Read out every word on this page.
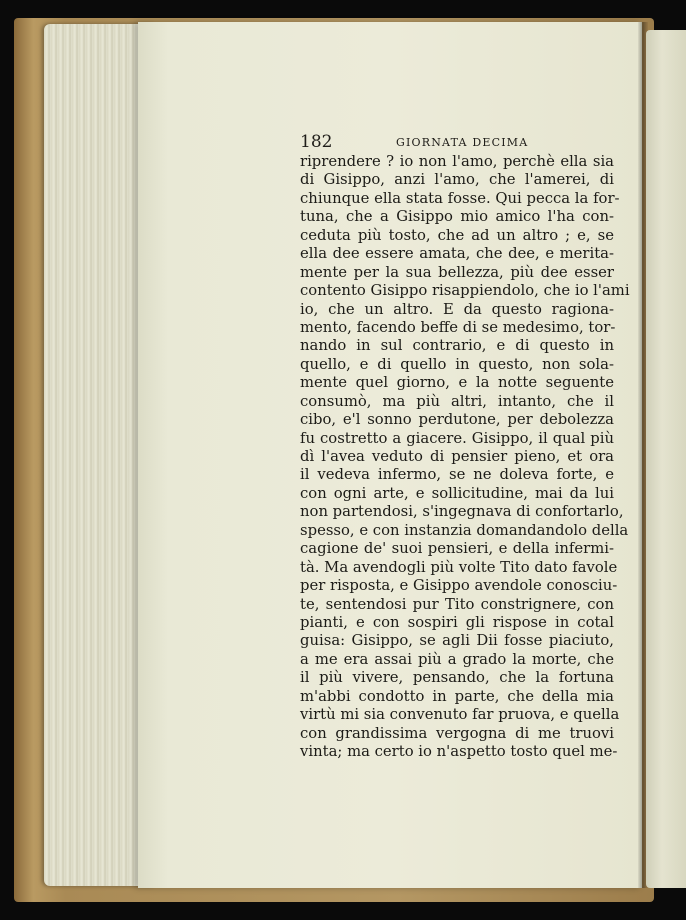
182	GIORNATA DECIMA
riprendere ? io non l'amo, perchè ella sia
di Gisippo, anzi l'amo, che l'amerei, di
chiunque ella stata fosse. Qui pecca la for-
tuna, che a Gisippo mio amico l'ha con-
ceduta più tosto, che ad un altro ; e, se
ella dee essere amata, che dee, e merita-
mente per la sua bellezza, più dee esser
contento Gisippo risappiendolo, che io l'ami
io, che un altro. E da questo ragiona-
mento, facendo beffe di se medesimo, tor-
nando in sul contrario, e di questo in
quello, e di quello in questo, non sola-
mente quel giorno, e la notte seguente
consumò, ma più altri, intanto, che il
cibo, e'l sonno perdutone, per debolezza
fu costretto a giacere. Gisippo, il qual più
dì l'avea veduto di pensier pieno, et ora
il vedeva infermo, se ne doleva forte, e
con ogni arte, e sollicitudine, mai da lui
non partendosi, s'ingegnava di confortarlo,
spesso, e con instanzia domandandolo della
cagione de' suoi pensieri, e della infermi-
tà. Ma avendogli più volte Tito dato favole
per risposta, e Gisippo avendole conosciu-
te, sentendosi pur Tito constrignere, con
pianti, e con sospiri gli rispose in cotal
guisa: Gisippo, se agli Dii fosse piaciuto,
a me era assai più a grado la morte, che
il più vivere, pensando, che la fortuna
m'abbi condotto in parte, che della mia
virtù mi sia convenuto far pruova, e quella
con grandissima vergogna di me truovi
vinta; ma certo io n'aspetto tosto quel me-
